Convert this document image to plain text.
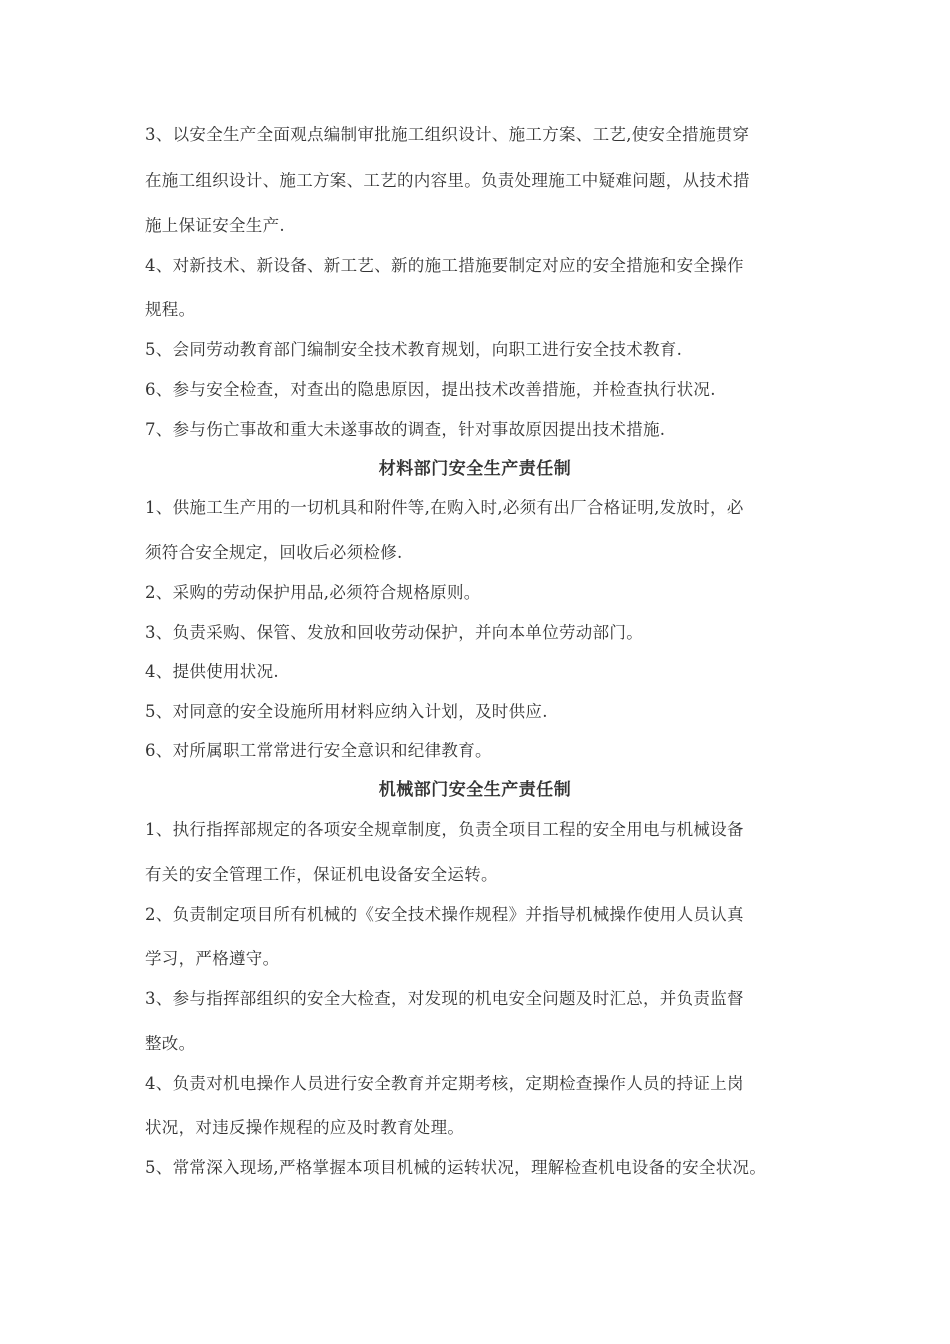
3、以安全生产全面观点编制审批施工组织设计、施工方案、工艺,使安全措施贯穿
在施工组织设计、施工方案、工艺的内容里。负责处理施工中疑难问题，从技术措
施上保证安全生产.
4、对新技术、新设备、新工艺、新的施工措施要制定对应的安全措施和安全操作
规程。
5、会同劳动教育部门编制安全技术教育规划，向职工进行安全技术教育.
6、参与安全检查，对查出的隐患原因，提出技术改善措施，并检查执行状况.
7、参与伤亡事故和重大未遂事故的调查，针对事故原因提出技术措施.
材料部门安全生产责任制
1、供施工生产用的一切机具和附件等,在购入时,必须有出厂合格证明,发放时，必
须符合安全规定，回收后必须检修.
2、采购的劳动保护用品,必须符合规格原则。
3、负责采购、保管、发放和回收劳动保护，并向本单位劳动部门。
4、提供使用状况.
5、对同意的安全设施所用材料应纳入计划，及时供应.
6、对所属职工常常进行安全意识和纪律教育。
机械部门安全生产责任制
1、执行指挥部规定的各项安全规章制度，负责全项目工程的安全用电与机械设备
有关的安全管理工作，保证机电设备安全运转。
2、负责制定项目所有机械的《安全技术操作规程》并指导机械操作使用人员认真
学习，严格遵守。
3、参与指挥部组织的安全大检查，对发现的机电安全问题及时汇总，并负责监督
整改。
4、负责对机电操作人员进行安全教育并定期考核，定期检查操作人员的持证上岗
状况，对违反操作规程的应及时教育处理。
5、常常深入现场,严格掌握本项目机械的运转状况，理解检查机电设备的安全状况。
